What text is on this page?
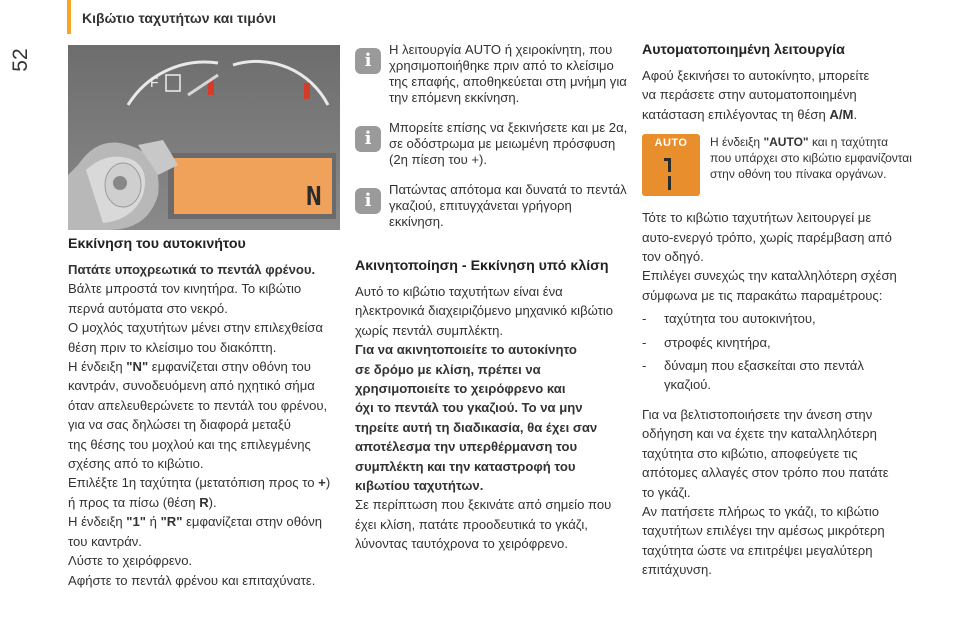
52
Κιβώτιο ταχυτήτων και τιμόνι
F
N
Εκκίνηση του αυτοκινήτου

Πατάτε υποχρεωτικά το πεντάλ φρένου.

Βάλτε μπροστά τον κινητήρα. Το κιβώτιο

περνά αυτόματα στο νεκρό.

Ο μοχλός ταχυτήτων μένει στην επιλεχθείσα

θέση πριν το κλείσιμο του διακόπτη.

Η ένδειξη "N" εμφανίζεται στην οθόνη του

καντράν, συνοδευόμενη από ηχητικό σήμα

όταν απελευθερώνετε το πεντάλ του φρένου,

για να σας δηλώσει τη διαφορά μεταξύ

της θέσης του μοχλού και της επιλεγμένης

σχέσης από το κιβώτιο.

Επιλέξτε 1η ταχύτητα (μετατόπιση προς το +)

ή προς τα πίσω (θέση R).

Η ένδειξη "1" ή "R" εμφανίζεται στην οθόνη

του καντράν.

Λύστε το χειρόφρενο.

Αφήστε το πεντάλ φρένου και επιταχύνατε.

i
Η λειτουργία AUTO ή χειροκίνητη, που χρησιμοποιήθηκε πριν από το κλείσιμο της επαφής, αποθηκεύεται στη μνήμη για την επόμενη εκκίνηση.
i
Μπορείτε επίσης να ξεκινήσετε και με 2α, σε οδόστρωμα με μειωμένη πρόσφυση (2η πίεση του +).
i
Πατώντας απότομα και δυνατά το πεντάλ γκαζιού, επιτυγχάνεται γρήγορη εκκίνηση.
Ακινητοποίηση - Εκκίνηση υπό κλίση

Αυτό το κιβώτιο ταχυτήτων είναι ένα

ηλεκτρονικά διαχειριζόμενο μηχανικό κιβώτιο

χωρίς πεντάλ συμπλέκτη.

Για να ακινητοποιείτε το αυτοκίνητο

σε δρόμο με κλίση, πρέπει να

χρησιμοποιείτε το χειρόφρενο και

όχι το πεντάλ του γκαζιού. Το να μην

τηρείτε αυτή τη διαδικασία, θα έχει σαν

αποτέλεσμα την υπερθέρμανση του

συμπλέκτη και την καταστροφή του

κιβωτίου ταχυτήτων.

Σε περίπτωση που ξεκινάτε από σημείο που

έχει κλίση, πατάτε προοδευτικά το γκάζι,

λύνοντας ταυτόχρονα το χειρόφρενο.

Αυτοματοποιημένη λειτουργία

Αφού ξεκινήσει το αυτοκίνητο, μπορείτε

να περάσετε στην αυτοματοποιημένη

κατάσταση επιλέγοντας τη θέση A/M.

AUTO	Η ένδειξη "AUTO" και η ταχύτητα που υπάρχει στο κιβώτιο εμφανίζονται στην οθόνη του πίνακα οργάνων.

Τότε το κιβώτιο ταχυτήτων λειτουργεί με

αυτο-ενεργό τρόπο, χωρίς παρέμβαση από

τον οδηγό.

Επιλέγει συνεχώς την καταλληλότερη σχέση

σύμφωνα με τις παρακάτω παραμέτρους:

-	ταχύτητα του αυτοκινήτου,
-	στροφές κινητήρα,
-	δύναμη που εξασκείται στο πεντάλ γκαζιού.

Για να βελτιστοποιήσετε την άνεση στην

οδήγηση και να έχετε την καταλληλότερη

ταχύτητα στο κιβώτιο, αποφεύγετε τις

απότομες αλλαγές στον τρόπο που πατάτε

το γκάζι.

Αν πατήσετε πλήρως το γκάζι, το κιβώτιο

ταχυτήτων επιλέγει την αμέσως μικρότερη

ταχύτητα ώστε να επιτρέψει μεγαλύτερη

επιτάχυνση.
